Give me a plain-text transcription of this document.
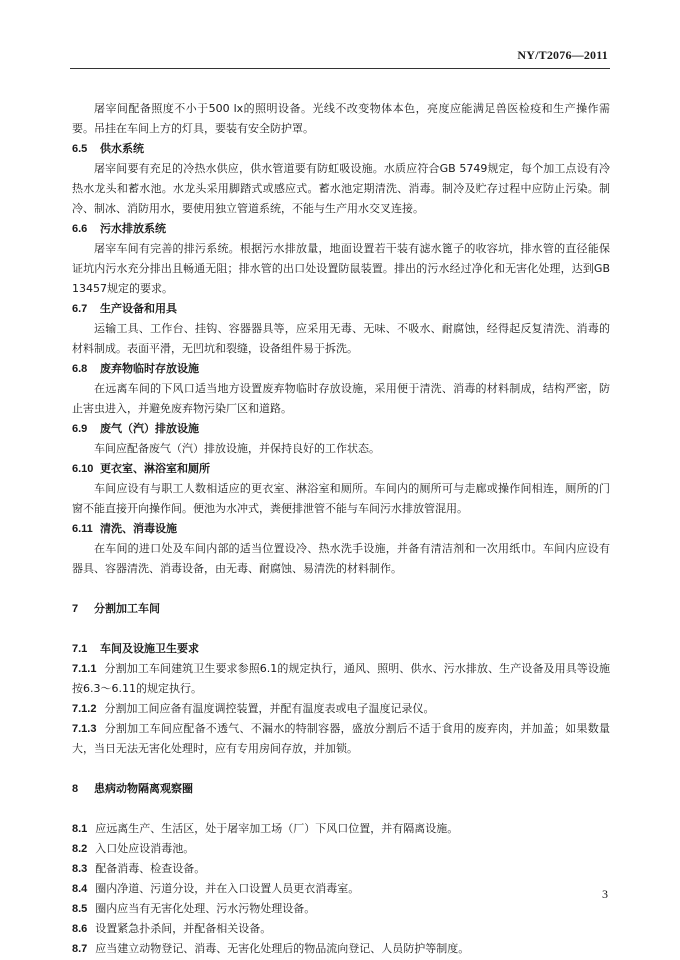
NY/T2076—2011

屠宰间配备照度不小于500 lx的照明设备。光线不改变物体本色，亮度应能满足兽医检疫和生产操作需要。吊挂在车间上方的灯具，要装有安全防护罩。

6.5 供水系统

屠宰间要有充足的冷热水供应，供水管道要有防虹吸设施。水质应符合GB 5749规定，每个加工点设有冷热水龙头和蓄水池。水龙头采用脚踏式或感应式。蓄水池定期清洗、消毒。制冷及贮存过程中应防止污染。制冷、制冰、消防用水，要使用独立管道系统，不能与生产用水交叉连接。

6.6 污水排放系统

屠宰车间有完善的排污系统。根据污水排放量，地面设置若干装有滤水篦子的收容坑，排水管的直径能保证坑内污水充分排出且畅通无阻；排水管的出口处设置防鼠装置。排出的污水经过净化和无害化处理，达到GB 13457规定的要求。

6.7 生产设备和用具

运输工具、工作台、挂钩、容器器具等，应采用无毒、无味、不吸水、耐腐蚀，经得起反复清洗、消毒的材料制成。表面平滑，无凹坑和裂缝，设备组件易于拆洗。

6.8 废弃物临时存放设施

在远离车间的下风口适当地方设置废弃物临时存放设施，采用便于清洗、消毒的材料制成，结构严密，防止害虫进入，并避免废弃物污染厂区和道路。

6.9 废气（汽）排放设施

车间应配备废气（汽）排放设施，并保持良好的工作状态。

6.10 更衣室、淋浴室和厕所

车间应设有与职工人数相适应的更衣室、淋浴室和厕所。车间内的厕所可与走廊或操作间相连，厕所的门窗不能直接开向操作间。便池为水冲式，粪便排泄管不能与车间污水排放管混用。

6.11 清洗、消毒设施

在车间的进口处及车间内部的适当位置设冷、热水洗手设施，并备有清洁剂和一次用纸巾。车间内应设有器具、容器清洗、消毒设备，由无毒、耐腐蚀、易清洗的材料制作。

7 分割加工车间

7.1 车间及设施卫生要求

7.1.1 分割加工车间建筑卫生要求参照6.1的规定执行，通风、照明、供水、污水排放、生产设备及用具等设施按6.3～6.11的规定执行。

7.1.2 分割加工间应备有温度调控装置，并配有温度表或电子温度记录仪。

7.1.3 分割加工车间应配备不透气、不漏水的特制容器，盛放分割后不适于食用的废弃肉，并加盖；如果数量大，当日无法无害化处理时，应有专用房间存放，并加锁。

8 患病动物隔离观察圈

8.1 应远离生产、生活区，处于屠宰加工场（厂）下风口位置，并有隔离设施。

8.2 入口处应设消毒池。

8.3 配备消毒、检查设备。

8.4 圈内净道、污道分设，并在入口设置人员更衣消毒室。

8.5 圈内应当有无害化处理、污水污物处理设备。

8.6 设置紧急扑杀间，并配备相关设备。

8.7 应当建立动物登记、消毒、无害化处理后的物品流向登记、人员防护等制度。

3
